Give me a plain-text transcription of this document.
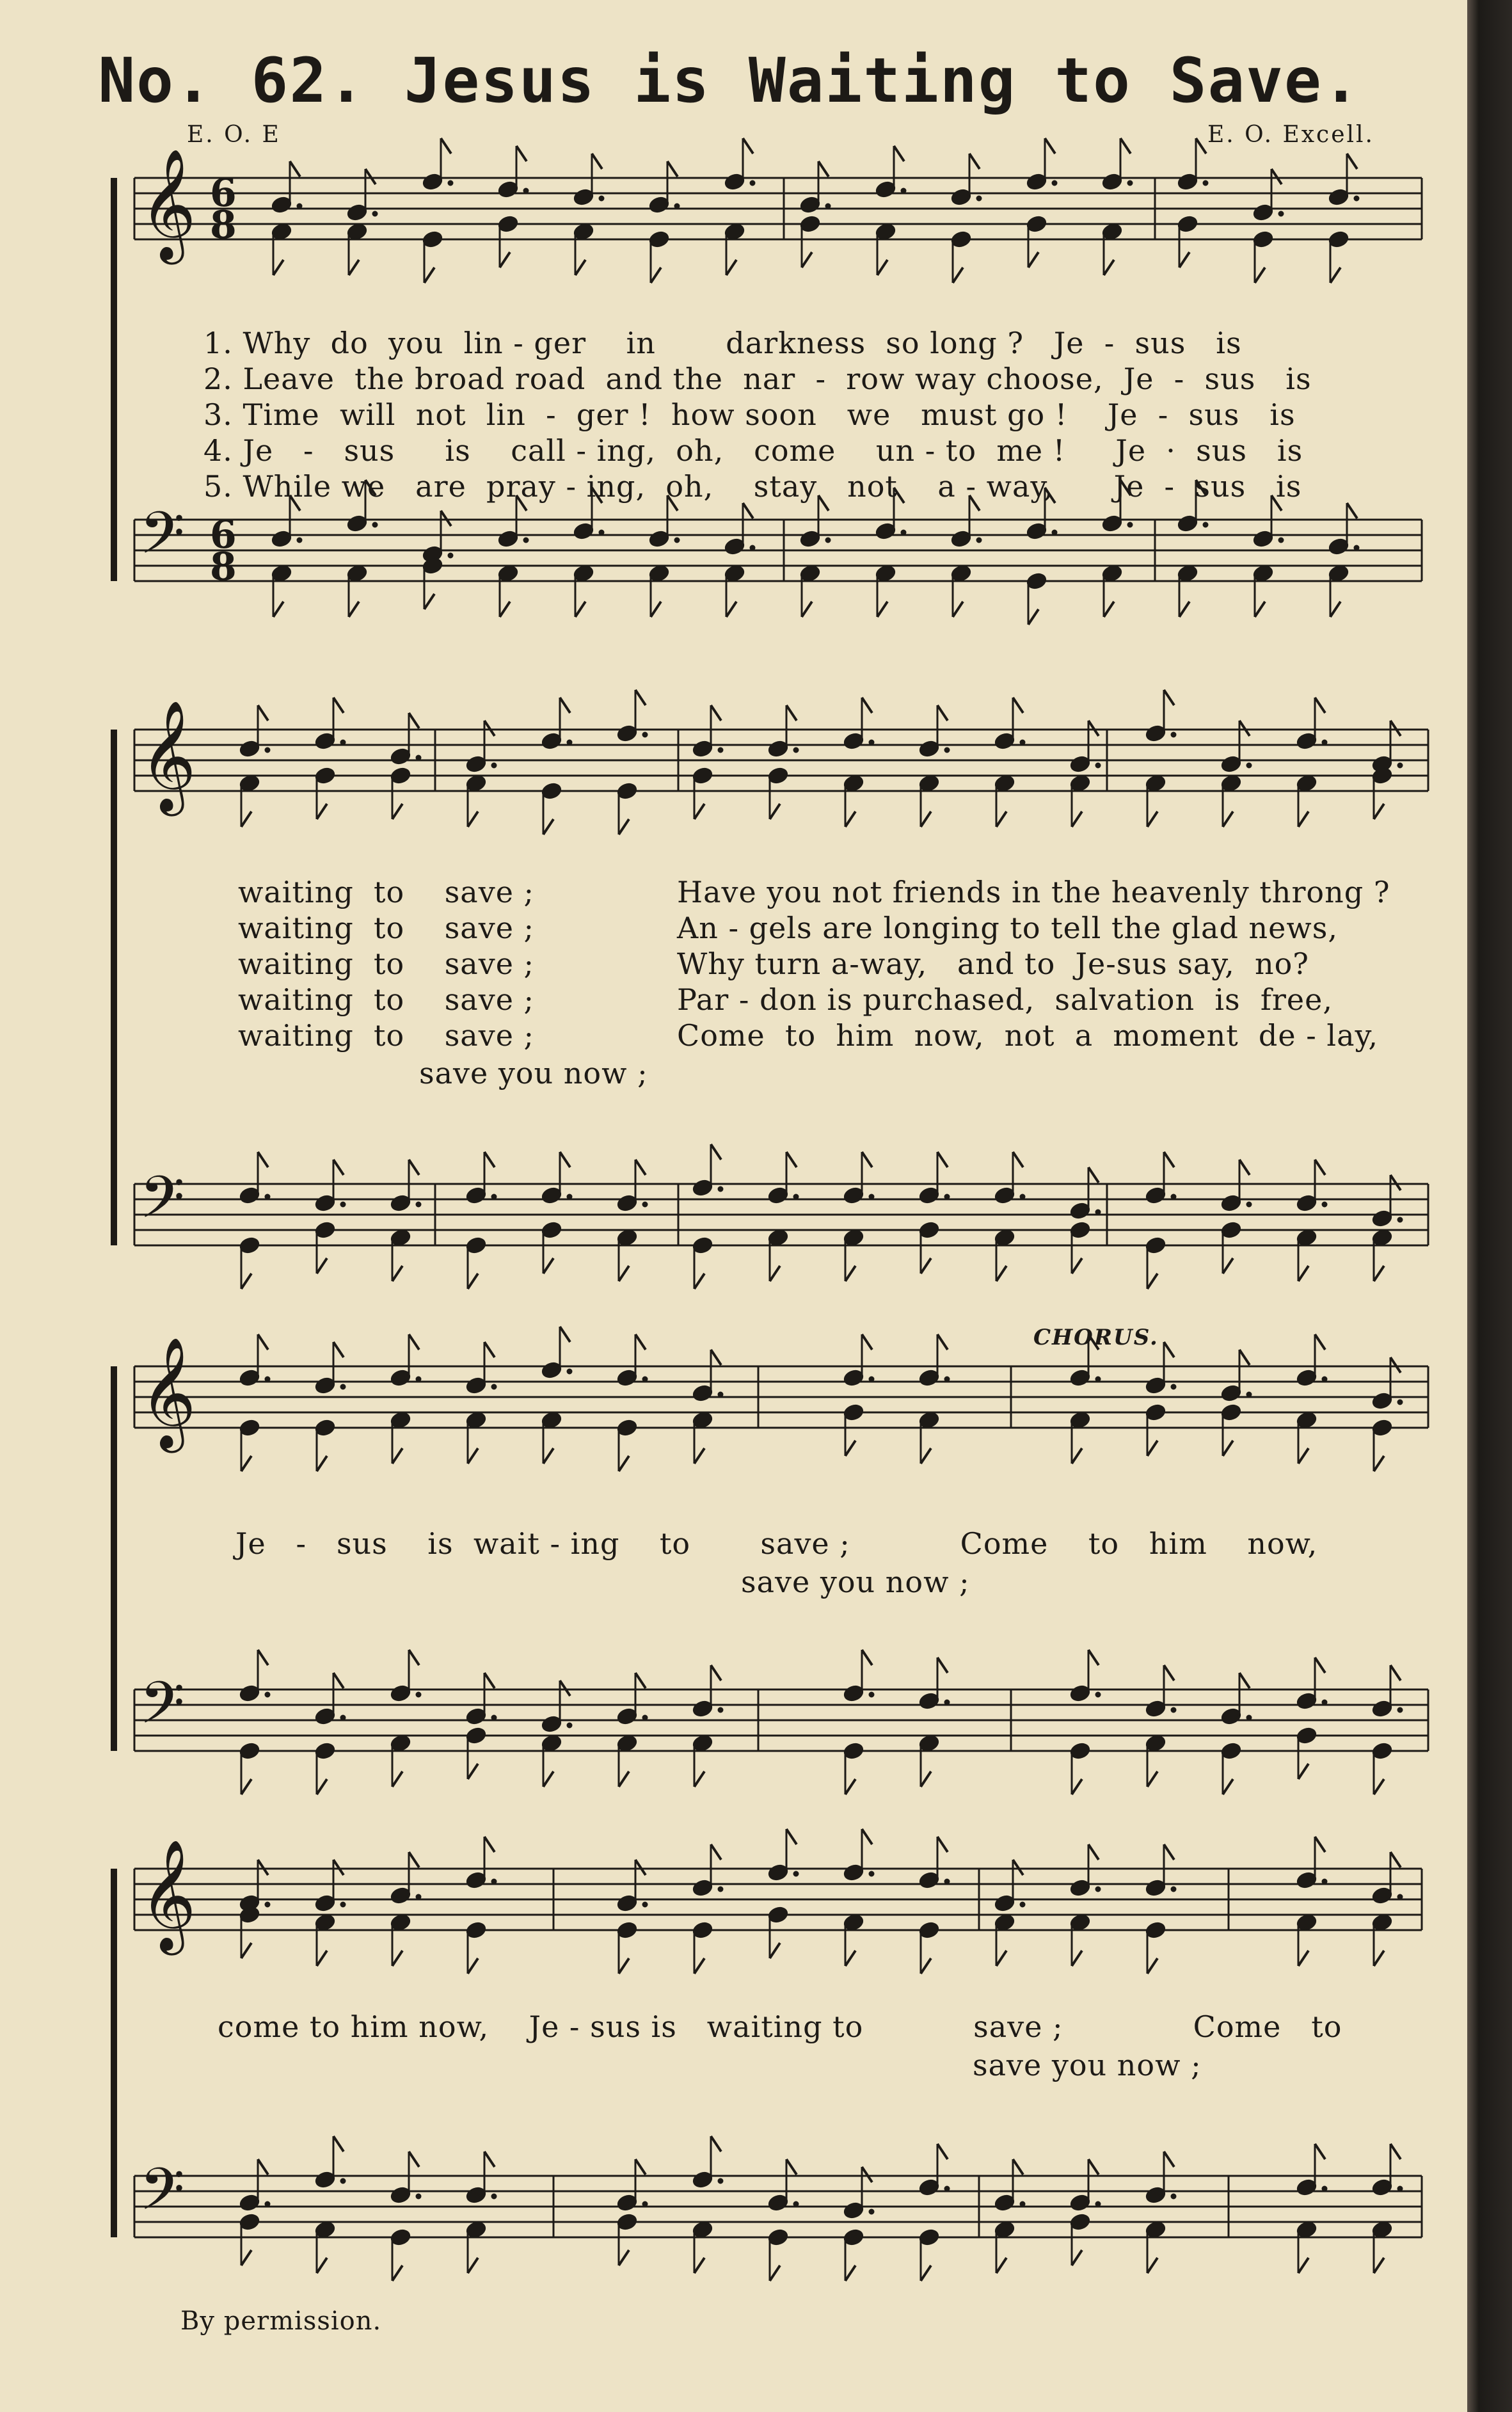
No. 62. Jesus is Waiting to Save.
E. O. E	E. O. Excell.
𝄞 6
8
𝄢 6
8
𝄞
𝄢
𝄞
𝄢
𝄞
𝄢
1. Why  do  you  lin - ger    in       darkness  so long ?   Je  -  sus   is
2. Leave  the broad road  and the  nar  -  row way choose,  Je  -  sus   is
3. Time  will  not  lin  -  ger !  how soon   we   must go !    Je  -  sus   is
4. Je   -   sus     is    call - ing,  oh,   come    un - to  me !     Je  ·  sus   is
5. While we   are  pray - ing,  oh,    stay   not    a - way,      Je  -  sus   is
waiting  to    save ;
waiting  to    save ;
waiting  to    save ;
waiting  to    save ;
waiting  to    save ;
Have you not friends in the heavenly throng ?
An - gels are longing to tell the glad news,
Why turn a-way,   and to  Je-sus say,  no?
Par - don is purchased,  salvation  is  free,
Come  to  him  now,  not  a  moment  de - lay,
save you now ;
CHORUS.
Je   -   sus    is  wait - ing    to       save ;           Come    to   him    now,
save you now ;
come to him now,    Je - sus is   waiting to           save ;             Come   to
save you now ;
By permission.
